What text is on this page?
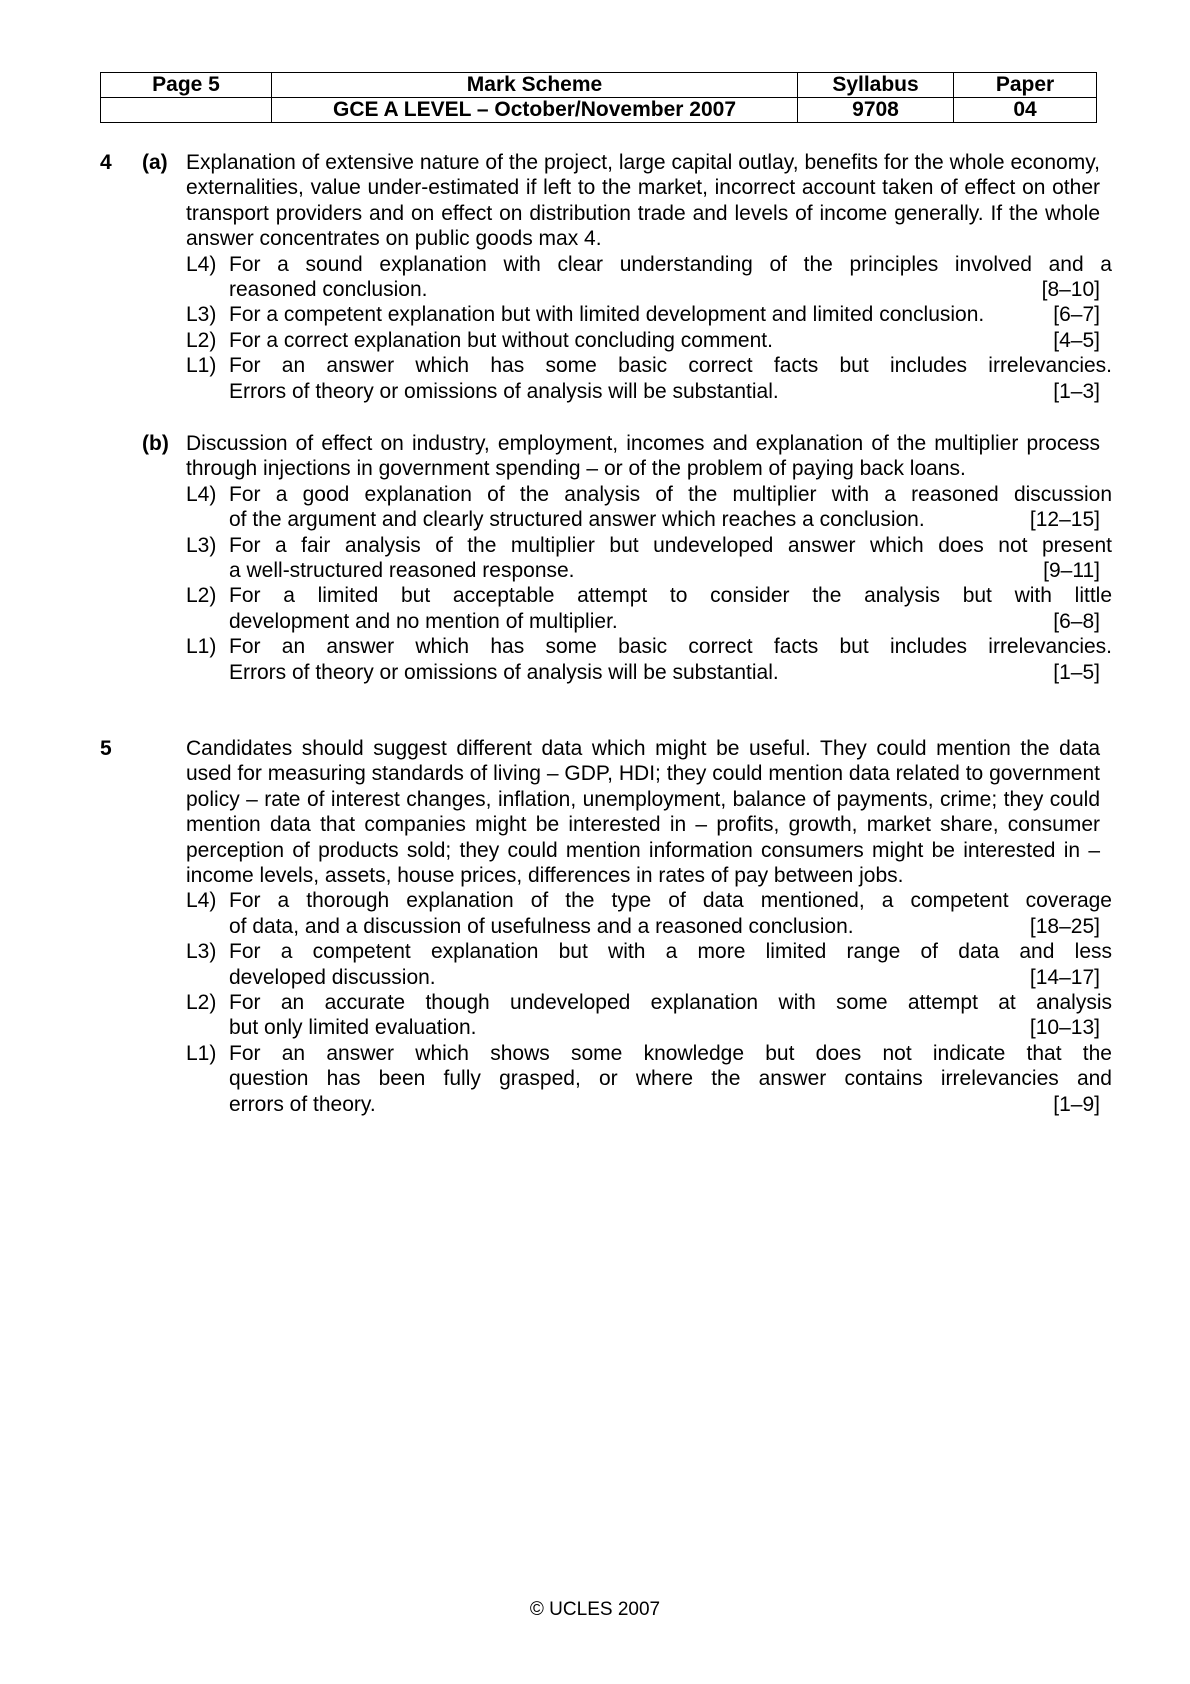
Page 5	Mark Scheme	Syllabus	Paper
	GCE A LEVEL – October/November 2007	9708	04
4 (a) Explanation of extensive nature of the project, large capital outlay, benefits for the whole economy, externalities, value under-estimated if left to the market, incorrect account taken of effect on other transport providers and on effect on distribution trade and levels of income generally. If the whole answer concentrates on public goods max 4.
L4) For a sound explanation with clear understanding of the principles involved and a
reasoned conclusion.	[8–10]
L3) For a competent explanation but with limited development and limited conclusion.	[6–7]
L2) For a correct explanation but without concluding comment.	[4–5]
L1) For an answer which has some basic correct facts but includes irrelevancies.
Errors of theory or omissions of analysis will be substantial.	[1–3]
(b) Discussion of effect on industry, employment, incomes and explanation of the multiplier process through injections in government spending – or of the problem of paying back loans.
L4) For a good explanation of the analysis of the multiplier with a reasoned discussion
of the argument and clearly structured answer which reaches a conclusion.	[12–15]
L3) For a fair analysis of the multiplier but undeveloped answer which does not present
a well-structured reasoned response.	[9–11]
L2) For a limited but acceptable attempt to consider the analysis but with little
development and no mention of multiplier.	[6–8]
L1) For an answer which has some basic correct facts but includes irrelevancies.
Errors of theory or omissions of analysis will be substantial.	[1–5]
5	Candidates should suggest different data which might be useful. They could mention the data used for measuring standards of living – GDP, HDI; they could mention data related to government policy – rate of interest changes, inflation, unemployment, balance of payments, crime; they could mention data that companies might be interested in – profits, growth, market share, consumer perception of products sold; they could mention information consumers might be interested in – income levels, assets, house prices, differences in rates of pay between jobs.
L4) For a thorough explanation of the type of data mentioned, a competent coverage
of data, and a discussion of usefulness and a reasoned conclusion.	[18–25]
L3) For a competent explanation but with a more limited range of data and less
developed discussion.	[14–17]
L2) For an accurate though undeveloped explanation with some attempt at analysis
but only limited evaluation.	[10–13]
L1) For an answer which shows some knowledge but does not indicate that the
question has been fully grasped, or where the answer contains irrelevancies and
errors of theory.	[1–9]
© UCLES 2007
